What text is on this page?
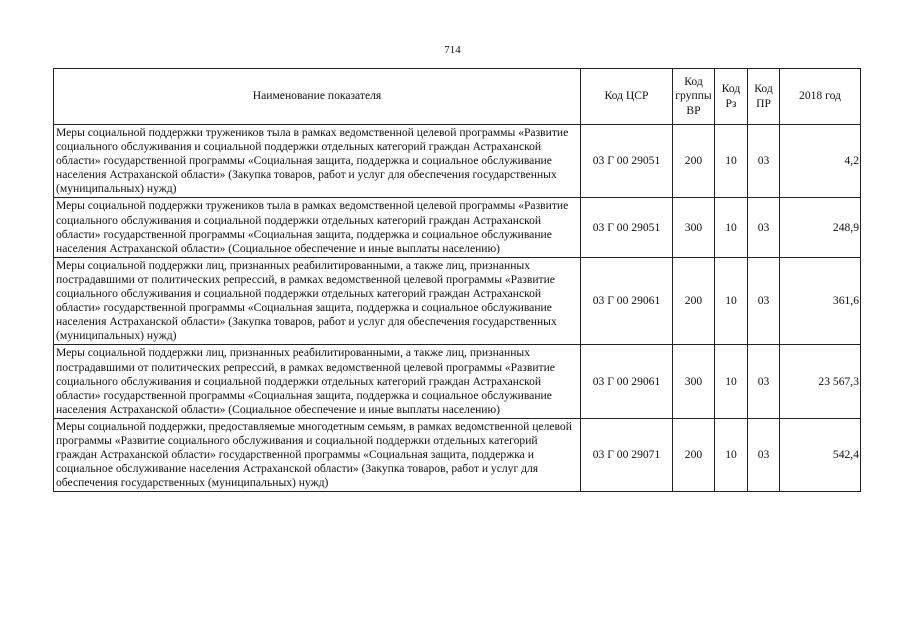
714
Наименование показателя	Код ЦСР	Код группы ВР	Код Рз	Код ПР	2018 год
Меры социальной поддержки тружеников тыла в рамках ведомственной целевой программы «Развитие социального обслуживания и социальной поддержки отдельных категорий граждан Астраханской области» государственной программы «Социальная защита, поддержка и социальное обслуживание населения Астраханской области» (Закупка товаров, работ и услуг для обеспечения государственных (муниципальных) нужд)	03 Г 00 29051	200	10	03	4,2
Меры социальной поддержки тружеников тыла в рамках ведомственной целевой программы «Развитие социального обслуживания и социальной поддержки отдельных категорий граждан Астраханской области» государственной программы «Социальная защита, поддержка и социальное обслуживание населения Астраханской области» (Социальное обеспечение и иные выплаты населению)	03 Г 00 29051	300	10	03	248,9
Меры социальной поддержки лиц, признанных реабилитированными, а также лиц, признанных пострадавшими от политических репрессий, в рамках ведомственной целевой программы «Развитие социального обслуживания и социальной поддержки отдельных категорий граждан Астраханской области» государственной программы «Социальная защита, поддержка и социальное обслуживание населения Астраханской области» (Закупка товаров, работ и услуг для обеспечения государственных (муниципальных) нужд)	03 Г 00 29061	200	10	03	361,6
Меры социальной поддержки лиц, признанных реабилитированными, а также лиц, признанных пострадавшими от политических репрессий, в рамках ведомственной целевой программы «Развитие социального обслуживания и социальной поддержки отдельных категорий граждан Астраханской области» государственной программы «Социальная защита, поддержка и социальное обслуживание населения Астраханской области» (Социальное обеспечение и иные выплаты населению)	03 Г 00 29061	300	10	03	23 567,3
Меры социальной поддержки, предоставляемые многодетным семьям, в рамках ведомственной целевой программы «Развитие социального обслуживания и социальной поддержки отдельных категорий граждан Астраханской области» государственной программы «Социальная защита, поддержка и социальное обслуживание населения Астраханской области» (Закупка товаров, работ и услуг для обеспечения государственных (муниципальных) нужд)	03 Г 00 29071	200	10	03	542,4
